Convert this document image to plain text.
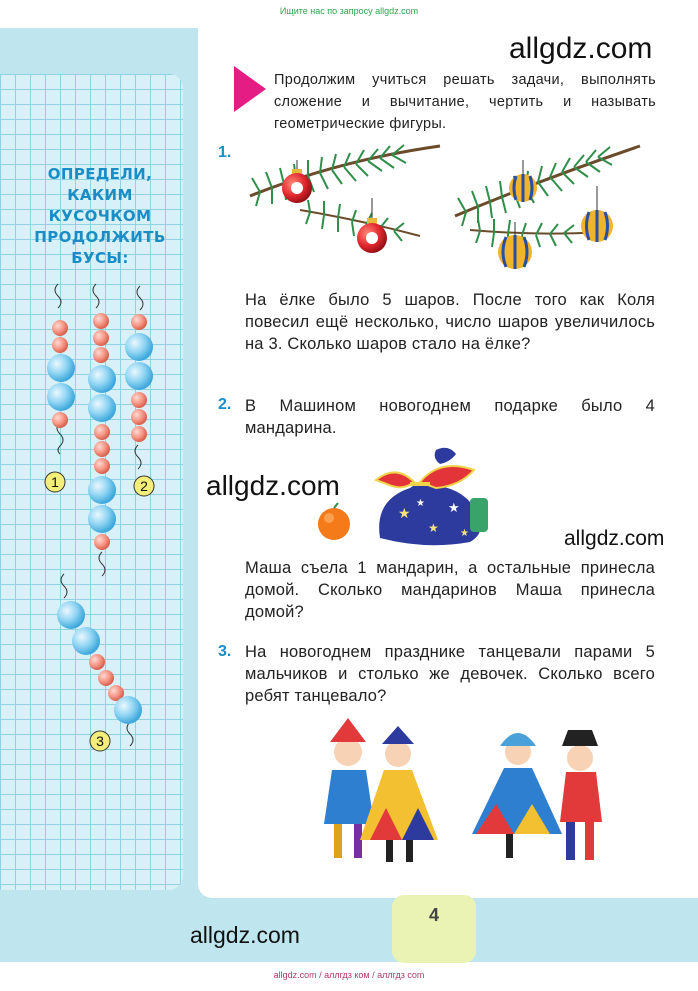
Ищите нас по запросу allgdz.com
ОПРЕДЕЛИ,
КАКИМ
КУСОЧКОМ
ПРОДОЛЖИТЬ
БУСЫ:
1	2
3
allgdz.com
Продолжим учиться решать задачи, выполнять сложение и вычитание, чертить и называть геометрические фигуры.
1.
На ёлке было 5 шаров. После того как Коля повесил ещё несколько, число шаров увеличилось на 3. Сколько шаров стало на ёлке?
2. В Машином новогоднем подарке было 4 мандарина.
allgdz.com
★
★
★
★
★	allgdz.com
Маша съела 1 мандарин, а остальные принесла домой. Сколько мандаринов Маша принесла домой?
3. На новогоднем празднике танцевали парами 5 мальчиков и столько же девочек. Сколько всего ребят танцевало?
allgdz.com
4
allgdz.com / аллгдз ком / аллгдз com
